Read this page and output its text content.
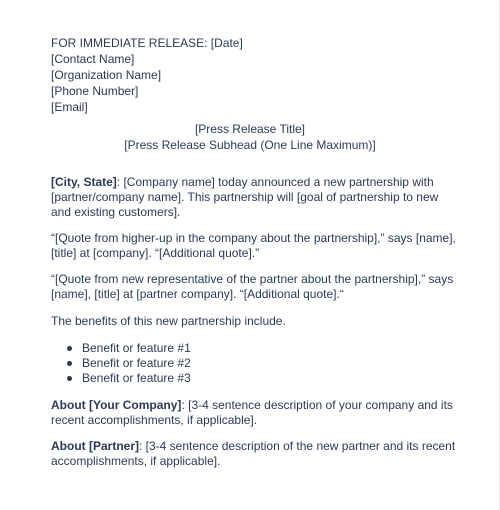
FOR IMMEDIATE RELEASE: [Date]
[Contact Name]
[Organization Name]
[Phone Number]
[Email]
[Press Release Title]
[Press Release Subhead (One Line Maximum)]
[City, State]: [Company name] today announced a new partnership with [partner/company name]. This partnership will [goal of partnership to new and existing customers].
“[Quote from higher-up in the company about the partnership],” says [name], [title] at [company]. “[Additional quote].”
“[Quote from new representative of the partner about the partnership],” says [name], [title] at [partner company]. “[Additional quote].“
The benefits of this new partnership include.
Benefit or feature #1
Benefit or feature #2
Benefit or feature #3
About [Your Company]: [3-4 sentence description of your company and its recent accomplishments, if applicable].
About [Partner]: [3-4 sentence description of the new partner and its recent accomplishments, if applicable].
